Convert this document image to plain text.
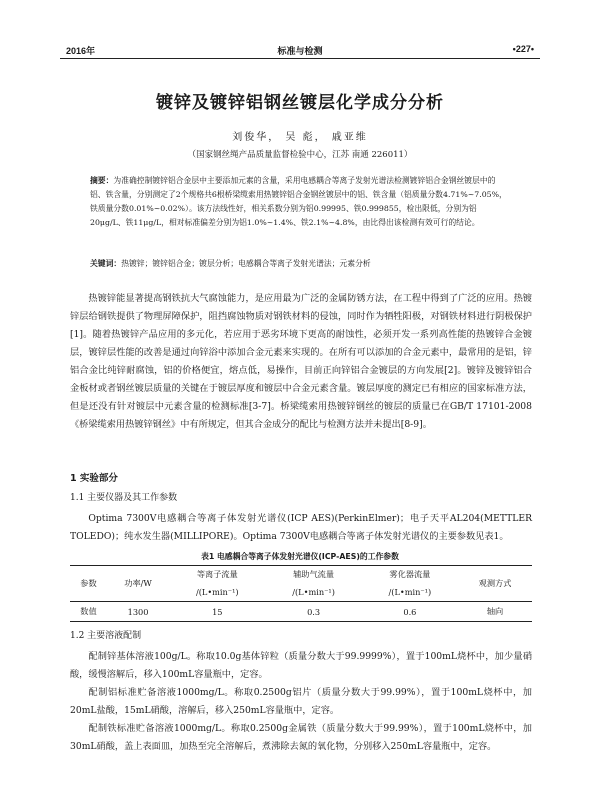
2016年	标准与检测	•227•
镀锌及镀锌铝钢丝镀层化学成分分析
刘俊华， 吴 彪， 戚亚维
（国家钢丝绳产品质量监督检验中心，江苏 南通 226011）
摘要：为准确控制镀锌铝合金层中主要添加元素的含量，采用电感耦合等离子发射光谱法检测镀锌铝合金钢丝镀层中的铝、铁含量，分别测定了2个规格共6根桥梁缆索用热镀锌铝合金钢丝镀层中的铝、铁含量（铝质量分数4.71%~7.05%，铁质量分数0.01%~0.02%）。该方法线性好，相关系数分别为铝0.99995、铁0.999855，检出限低，分别为铝20μg/L、铁11μg/L，相对标准偏差分别为铝1.0%~1.4%、铁2.1%~4.8%，由比得出该检测有效可行的结论。
关键词：热镀锌；镀锌铝合金；镀层分析；电感耦合等离子发射光谱法；元素分析
热镀锌能显著提高钢铁抗大气腐蚀能力，是应用最为广泛的金属防锈方法，在工程中得到了广泛的应用。热镀锌层给钢铁提供了物理屏障保护，阻挡腐蚀物质对钢铁材料的侵蚀，同时作为牺牲阳极，对钢铁材料进行阴极保护[1]。随着热镀锌产品应用的多元化，若应用于恶劣环境下更高的耐蚀性，必须开发一系列高性能的热镀锌合金镀层，镀锌层性能的改善是通过向锌浴中添加合金元素来实现的。在所有可以添加的合金元素中，最常用的是铝，锌铝合金比纯锌耐腐蚀，铝的价格便宜，熔点低，易操作，目前正向锌铝合金镀层的方向发展[2]。镀锌及镀锌铝合金板材或者钢丝镀层质量的关键在于镀层厚度和镀层中合金元素含量。镀层厚度的测定已有相应的国家标准方法，但是还没有针对镀层中元素含量的检测标准[3-7]。桥梁缆索用热镀锌钢丝的镀层的质量已在GB/T 17101-2008《桥梁缆索用热镀锌钢丝》中有所规定，但其合金成分的配比与检测方法并未提出[8-9]。
1 实验部分
1.1 主要仪器及其工作参数
Optima 7300V电感耦合等离子体发射光谱仪(ICP AES)(PerkinElmer)；电子天平AL204(METTLER TOLEDO)；纯水发生器(MILLIPORE)。Optima 7300V电感耦合等离子体发射光谱仪的主要参数见表1。
表1 电感耦合等离子体发射光谱仪(ICP-AES)的工作参数
参数	功率/W	等离子流量	辅助气流量	雾化器流量	观测方式
		/(L•min⁻¹)	/(L•min⁻¹)	/(L•min⁻¹)	
数值	1300	15	0.3	0.6	轴向
1.2 主要溶液配制

配制锌基体溶液100g/L。称取10.0g基体锌粒（质量分数大于99.9999%），置于100mL烧杯中，加少量硝酸，缓慢溶解后，移入100mL容量瓶中，定容。

配制铝标准贮备溶液1000mg/L。称取0.2500g铝片（质量分数大于99.99%），置于100mL烧杯中，加20mL盐酸，15mL硝酸，溶解后，移入250mL容量瓶中，定容。

配制铁标准贮备溶液1000mg/L。称取0.2500g金属铁（质量分数大于99.99%），置于100mL烧杯中，加30mL硝酸，盖上表面皿，加热至完全溶解后，煮沸除去氮的氧化物，分别移入250mL容量瓶中，定容。
